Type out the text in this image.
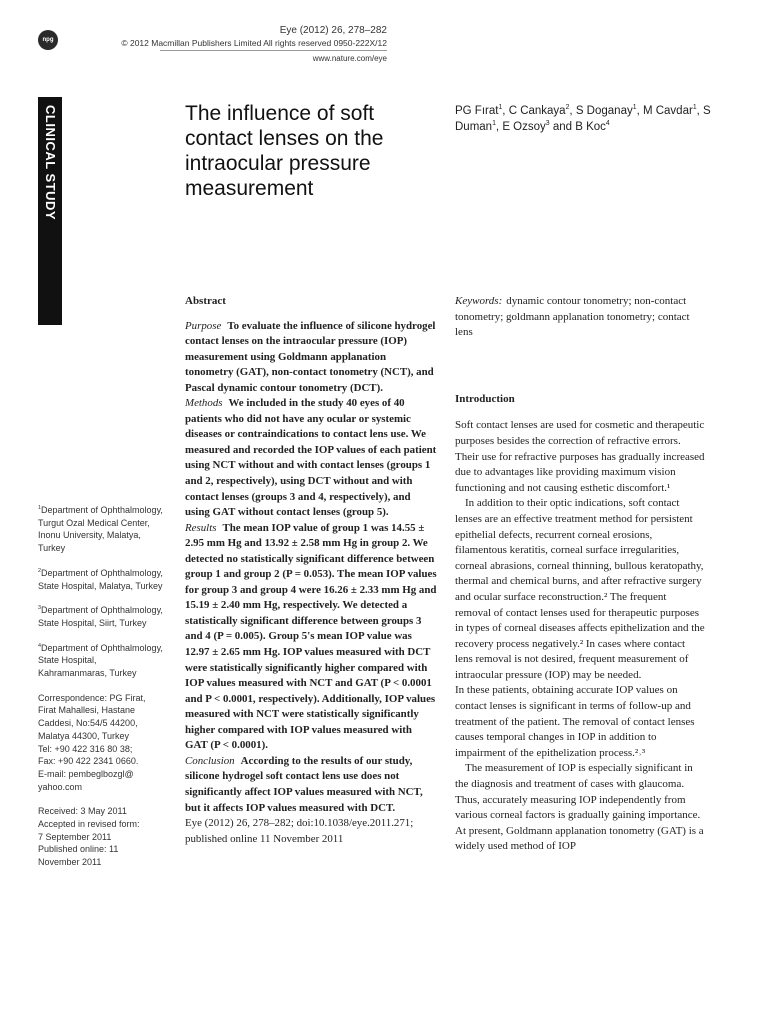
npg
Eye (2012) 26, 278–282
© 2012 Macmillan Publishers Limited All rights reserved 0950-222X/12
www.nature.com/eye
CLINICAL STUDY	The influence of soft contact lenses on the intraocular pressure measurement
PG Fırat$^1$, C Cankaya$^2$, S Doganay$^1$, M Cavdar$^1$, S Duman$^1$, E Ozsoy$^3$ and B Koc$^4$
Abstract

Purpose To evaluate the influence of silicone hydrogel contact lenses on the intraocular pressure (IOP) measurement using Goldmann applanation tonometry (GAT), non-contact tonometry (NCT), and Pascal dynamic contour tonometry (DCT).

Methods We included in the study 40 eyes of 40 patients who did not have any ocular or systemic diseases or contraindications to contact lens use. We measured and recorded the IOP values of each patient using NCT without and with contact lenses (groups 1 and 2, respectively), using DCT without and with contact lenses (groups 3 and 4, respectively), and using GAT without contact lenses (group 5).

Results The mean IOP value of group 1 was 14.55 ± 2.95 mm Hg and 13.92 ± 2.58 mm Hg in group 2. We detected no statistically significant difference between group 1 and group 2 (P = 0.053). The mean IOP values for group 3 and group 4 were 16.26 ± 2.33 mm Hg and 15.19 ± 2.40 mm Hg, respectively. We detected a statistically significant difference between groups 3 and 4 (P = 0.005). Group 5's mean IOP value was 12.97 ± 2.65 mm Hg. IOP values measured with DCT were statistically significantly higher compared with IOP values measured with NCT and GAT (P < 0.0001 and P < 0.0001, respectively). Additionally, IOP values measured with NCT were statistically significantly higher compared with IOP values measured with GAT (P < 0.0001).

Conclusion According to the results of our study, silicone hydrogel soft contact lens use does not significantly affect IOP values measured with NCT, but it affects IOP values measured with DCT.

Eye (2012) 26, 278–282; doi:10.1038/eye.2011.271; published online 11 November 2011

Keywords: dynamic contour tonometry; non-contact tonometry; goldmann applanation tonometry; contact lens

Introduction

Soft contact lenses are used for cosmetic and therapeutic purposes besides the correction of refractive errors. Their use for refractive purposes has gradually increased due to advantages like providing maximum vision functioning and not causing esthetic discomfort.¹

In addition to their optic indications, soft contact lenses are an effective treatment method for persistent epithelial defects, recurrent corneal erosions, filamentous keratitis, corneal surface irregularities, corneal abrasions, corneal thinning, bullous keratopathy, thermal and chemical burns, and after refractive surgery and ocular surface reconstruction.² The frequent removal of contact lenses used for therapeutic purposes in types of corneal diseases affects epithelization and the recovery process negatively.² In cases where contact lens removal is not desired, frequent measurement of intraocular pressure (IOP) may be needed.

In these patients, obtaining accurate IOP values on contact lenses is significant in terms of follow-up and treatment of the patient. The removal of contact lenses causes temporal changes in IOP in addition to impairment of the epithelization process.²˒³

The measurement of IOP is especially significant in the diagnosis and treatment of cases with glaucoma. Thus, accurately measuring IOP independently from various corneal factors is gradually gaining importance. At present, Goldmann applanation tonometry (GAT) is a widely used method of IOP

$^1$Department of Ophthalmology, Turgut Ozal Medical Center, Inonu University, Malatya, Turkey
$^2$Department of Ophthalmology, State Hospital, Malatya, Turkey
$^3$Department of Ophthalmology, State Hospital, Siirt, Turkey
$^4$Department of Ophthalmology, State Hospital, Kahramanmaras, Turkey
Correspondence: PG Firat,
Firat Mahallesi, Hastane
Caddesi, No:54/5 44200,
Malatya 44300, Turkey
Tel: +90 422 316 80 38;
Fax: +90 422 2341 0660.
E-mail: pembeglbozgl@
yahoo.com
Received: 3 May 2011
Accepted in revised form:
7 September 2011
Published online: 11
November 2011
